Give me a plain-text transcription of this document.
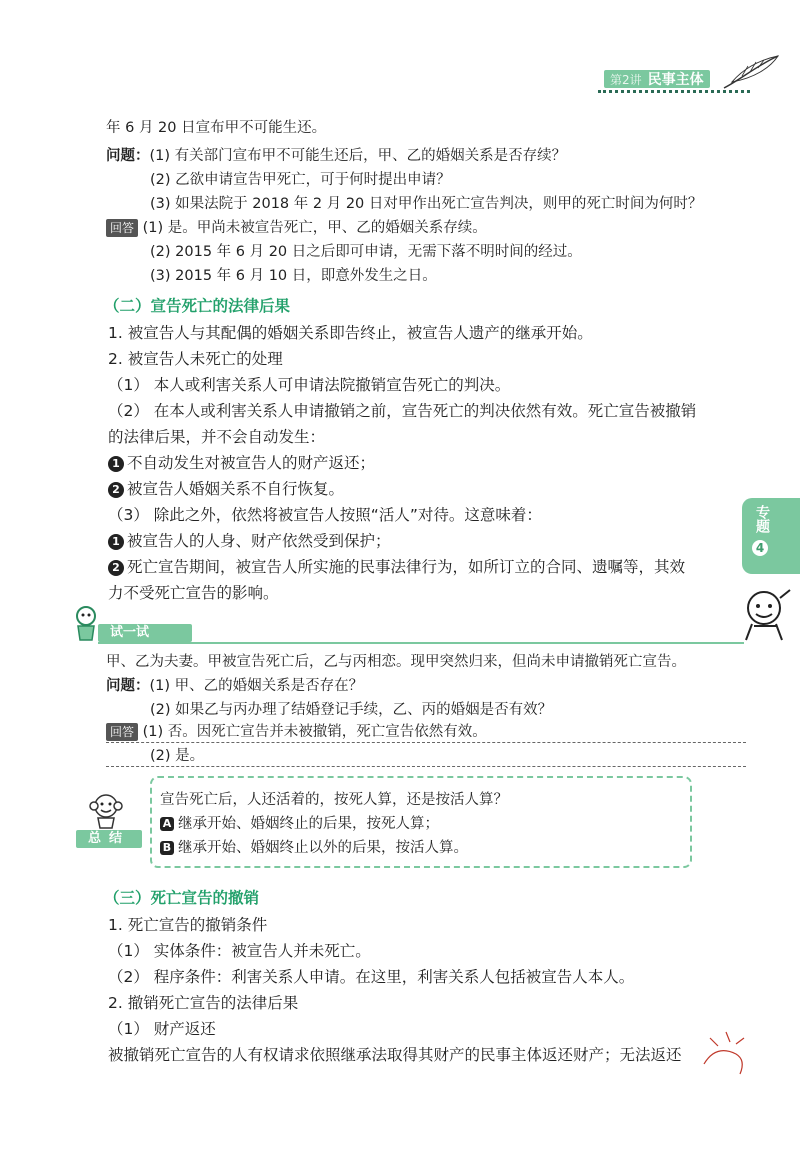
第2讲 民事主体
专题
4
年 6 月 20 日宣布甲不可能生还。
问题：(1) 有关部门宣布甲不可能生还后，甲、乙的婚姻关系是否存续？
(2) 乙欲申请宣告甲死亡，可于何时提出申请？
(3) 如果法院于 2018 年 2 月 20 日对甲作出死亡宣告判决，则甲的死亡时间为何时？
回答 (1) 是。甲尚未被宣告死亡，甲、乙的婚姻关系存续。
(2) 2015 年 6 月 20 日之后即可申请，无需下落不明时间的经过。
(3) 2015 年 6 月 10 日，即意外发生之日。
（二）宣告死亡的法律后果
1. 被宣告人与其配偶的婚姻关系即告终止，被宣告人遗产的继承开始。
2. 被宣告人未死亡的处理
（1） 本人或利害关系人可申请法院撤销宣告死亡的判决。
（2） 在本人或利害关系人申请撤销之前，宣告死亡的判决依然有效。死亡宣告被撤销
的法律后果，并不会自动发生：
1 不自动发生对被宣告人的财产返还；
2 被宣告人婚姻关系不自行恢复。
（3） 除此之外，依然将被宣告人按照“活人”对待。这意味着：
1 被宣告人的人身、财产依然受到保护；
2 死亡宣告期间，被宣告人所实施的民事法律行为，如所订立的合同、遗嘱等，其效
力不受死亡宣告的影响。
试一试
甲、乙为夫妻。甲被宣告死亡后，乙与丙相恋。现甲突然归来，但尚未申请撤销死亡宣告。
问题：(1) 甲、乙的婚姻关系是否存在？
(2) 如果乙与丙办理了结婚登记手续，乙、丙的婚姻是否有效？
回答 (1) 否。因死亡宣告并未被撤销，死亡宣告依然有效。
(2) 是。
总结
宣告死亡后，人还活着的，按死人算，还是按活人算？
A 继承开始、婚姻终止的后果，按死人算；
B 继承开始、婚姻终止以外的后果，按活人算。
（三）死亡宣告的撤销
1. 死亡宣告的撤销条件
（1） 实体条件：被宣告人并未死亡。
（2） 程序条件：利害关系人申请。在这里，利害关系人包括被宣告人本人。
2. 撤销死亡宣告的法律后果
（1） 财产返还
被撤销死亡宣告的人有权请求依照继承法取得其财产的民事主体返还财产；无法返还
